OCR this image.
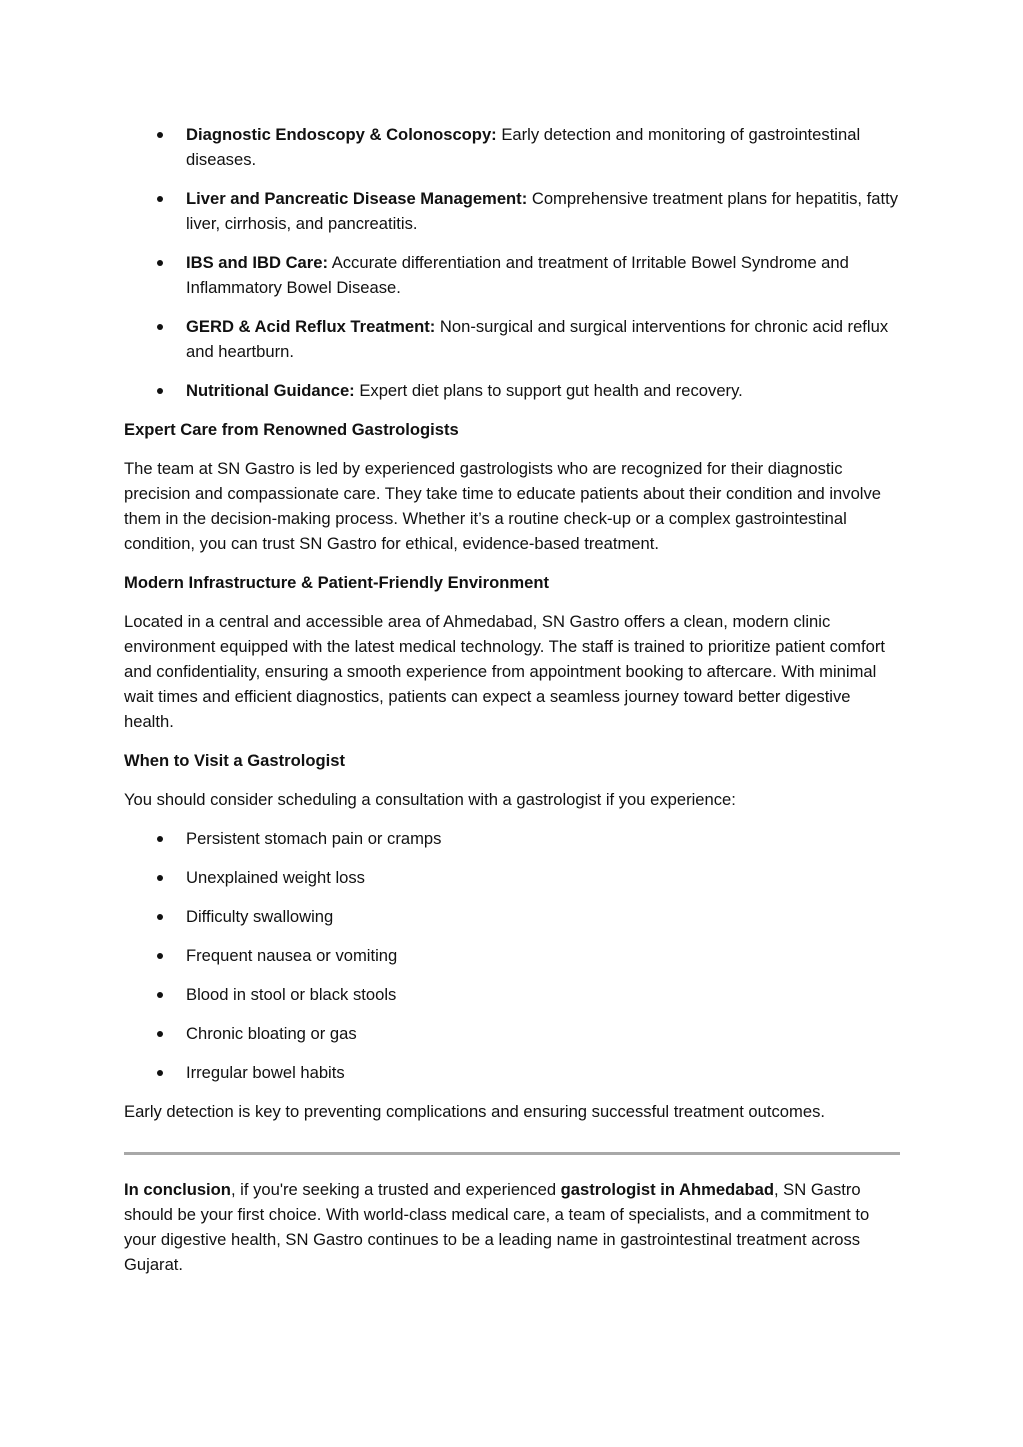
Diagnostic Endoscopy & Colonoscopy: Early detection and monitoring of gastrointestinal diseases.
Liver and Pancreatic Disease Management: Comprehensive treatment plans for hepatitis, fatty liver, cirrhosis, and pancreatitis.
IBS and IBD Care: Accurate differentiation and treatment of Irritable Bowel Syndrome and Inflammatory Bowel Disease.
GERD & Acid Reflux Treatment: Non-surgical and surgical interventions for chronic acid reflux and heartburn.
Nutritional Guidance: Expert diet plans to support gut health and recovery.
Expert Care from Renowned Gastrologists

The team at SN Gastro is led by experienced gastrologists who are recognized for their diagnostic precision and compassionate care. They take time to educate patients about their condition and involve them in the decision-making process. Whether it’s a routine check-up or a complex gastrointestinal condition, you can trust SN Gastro for ethical, evidence-based treatment.

Modern Infrastructure & Patient-Friendly Environment

Located in a central and accessible area of Ahmedabad, SN Gastro offers a clean, modern clinic environment equipped with the latest medical technology. The staff is trained to prioritize patient comfort and confidentiality, ensuring a smooth experience from appointment booking to aftercare. With minimal wait times and efficient diagnostics, patients can expect a seamless journey toward better digestive health.

When to Visit a Gastrologist

You should consider scheduling a consultation with a gastrologist if you experience:

Persistent stomach pain or cramps
Unexplained weight loss
Difficulty swallowing
Frequent nausea or vomiting
Blood in stool or black stools
Chronic bloating or gas
Irregular bowel habits

Early detection is key to preventing complications and ensuring successful treatment outcomes.

In conclusion, if you're seeking a trusted and experienced gastrologist in Ahmedabad, SN Gastro should be your first choice. With world-class medical care, a team of specialists, and a commitment to your digestive health, SN Gastro continues to be a leading name in gastrointestinal treatment across Gujarat.
